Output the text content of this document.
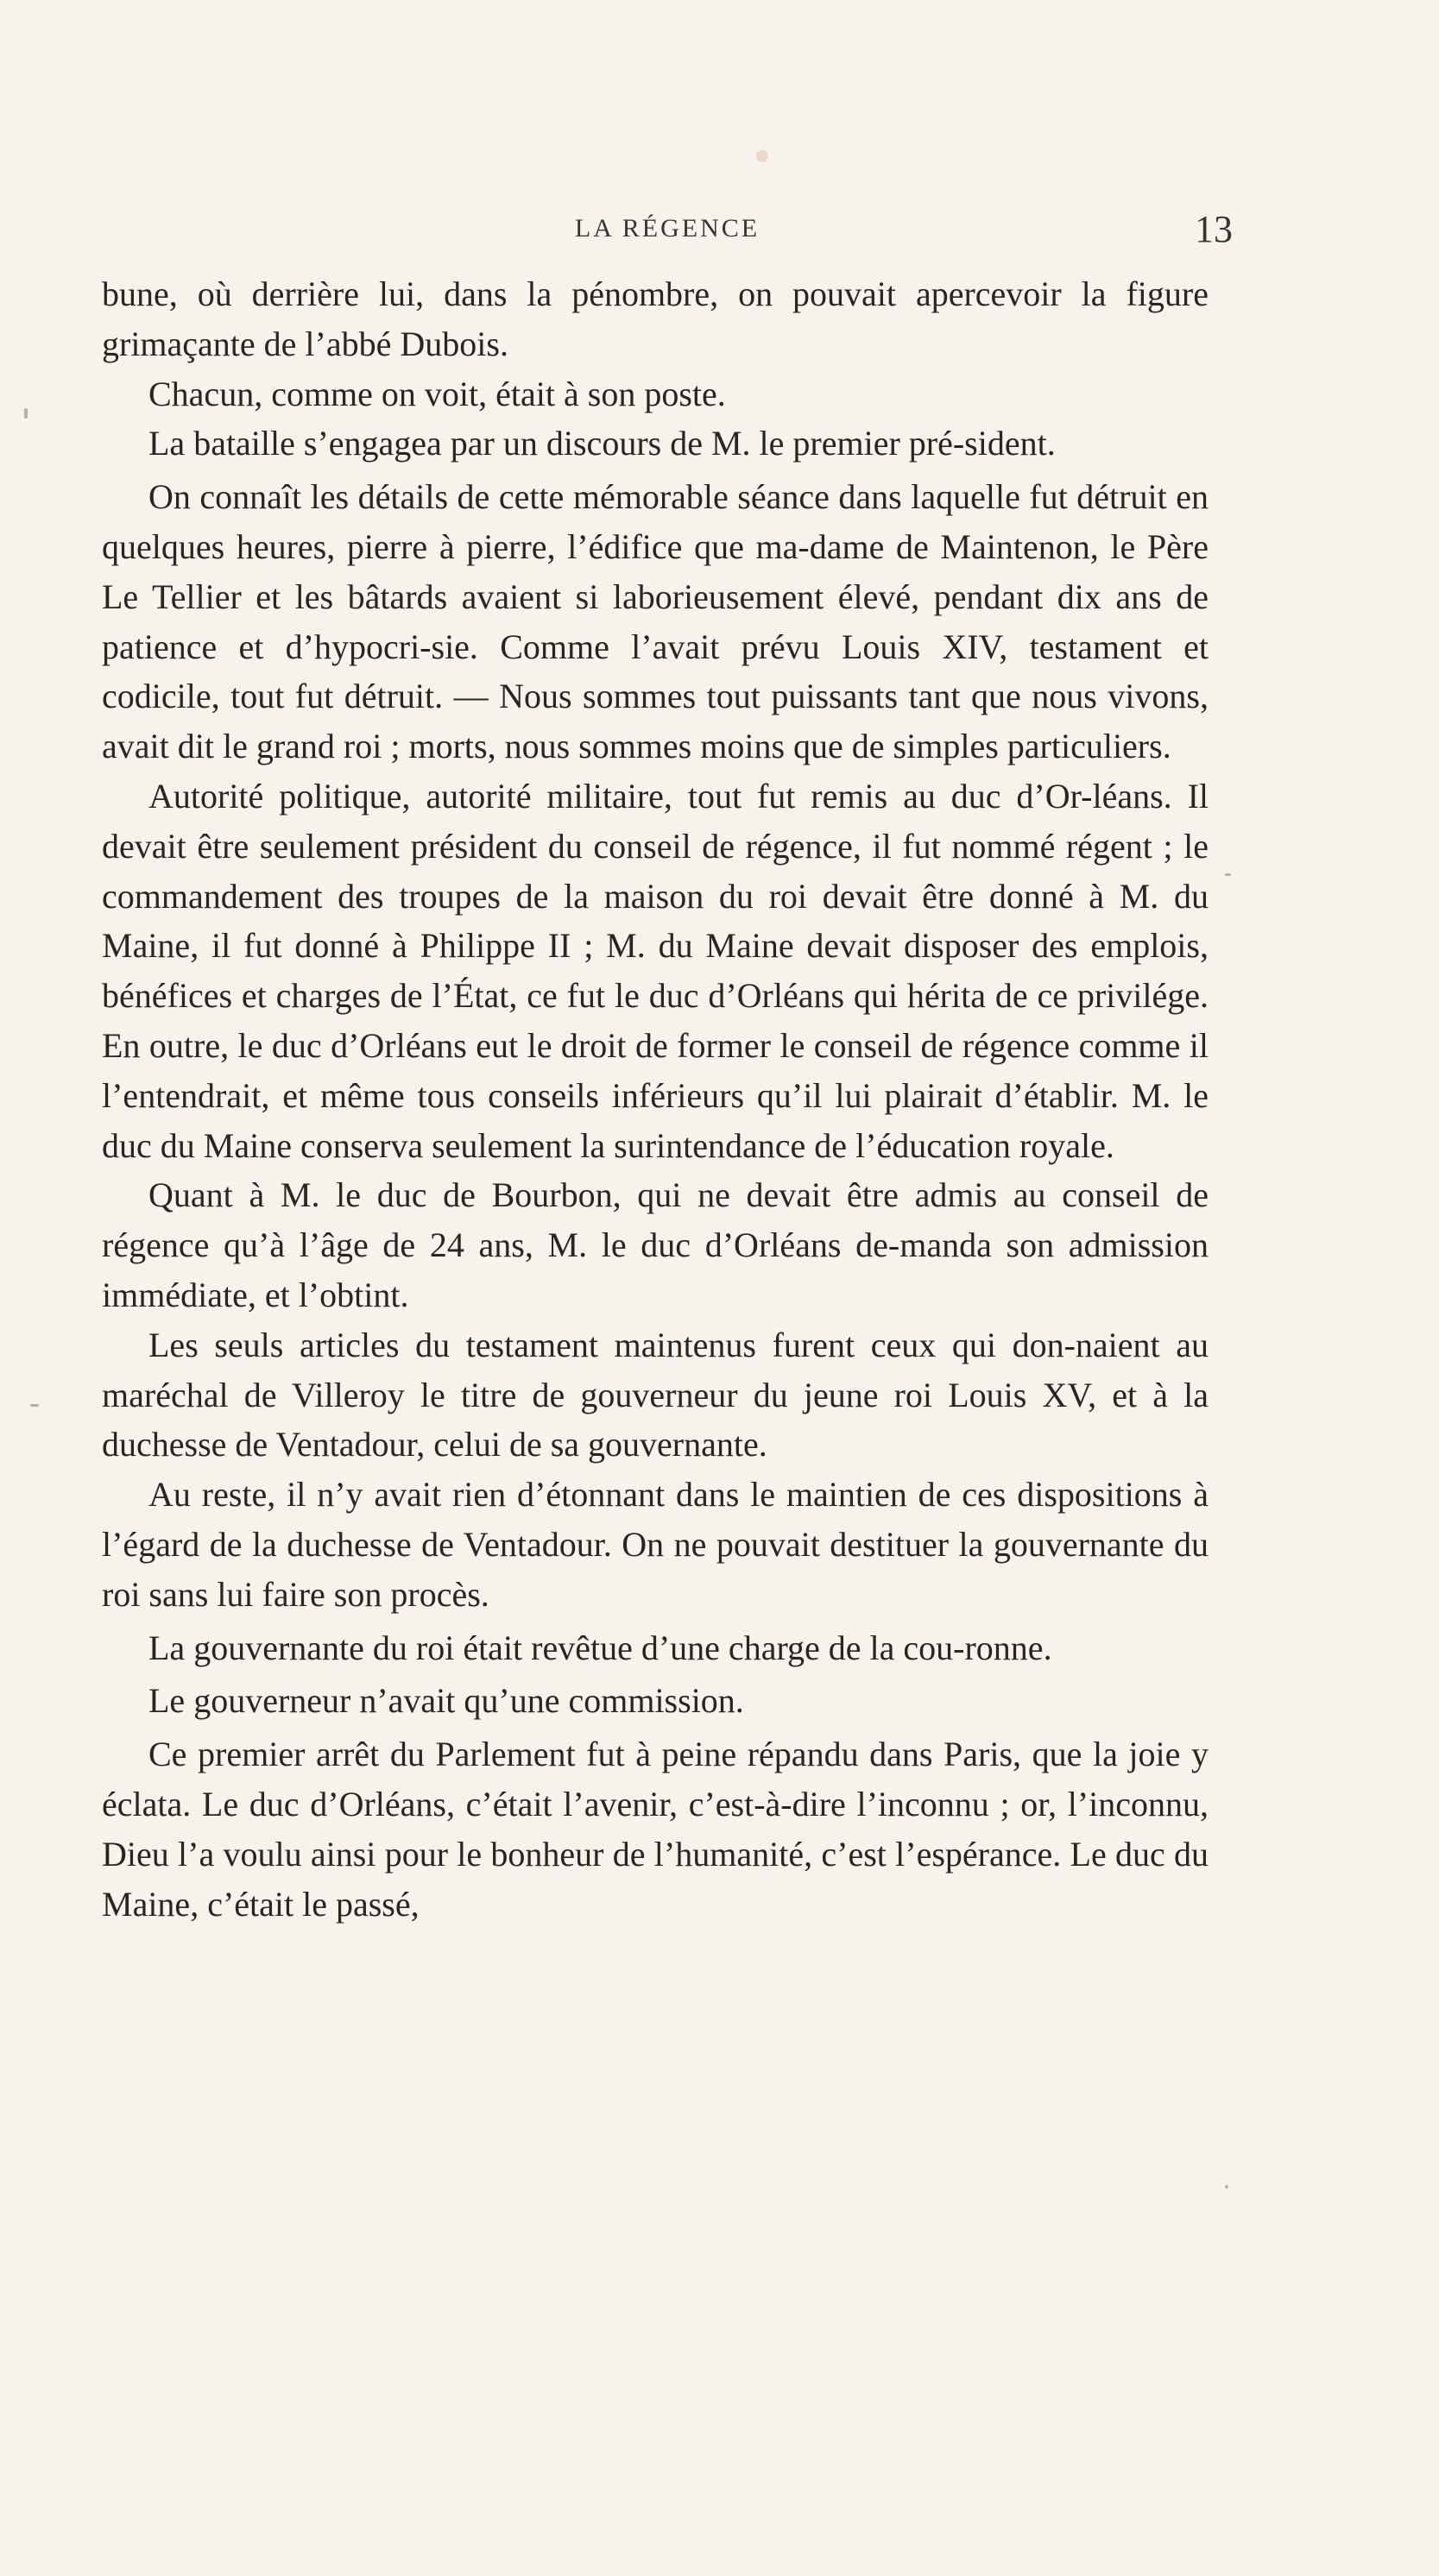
LA RÉGENCE	13

bune, où derrière lui, dans la pénombre, on pouvait apercevoir la figure grimaçante de l’abbé Dubois.

Chacun, comme on voit, était à son poste.

La bataille s’engagea par un discours de M. le premier pré-sident.

On connaît les détails de cette mémorable séance dans laquelle fut détruit en quelques heures, pierre à pierre, l’édifice que ma-dame de Maintenon, le Père Le Tellier et les bâtards avaient si laborieusement élevé, pendant dix ans de patience et d’hypocri-sie. Comme l’avait prévu Louis XIV, testament et codicile, tout fut détruit. — Nous sommes tout puissants tant que nous vivons, avait dit le grand roi ; morts, nous sommes moins que de simples particuliers.

Autorité politique, autorité militaire, tout fut remis au duc d’Or-léans. Il devait être seulement président du conseil de régence, il fut nommé régent ; le commandement des troupes de la maison du roi devait être donné à M. du Maine, il fut donné à Philippe II ; M. du Maine devait disposer des emplois, bénéfices et charges de l’État, ce fut le duc d’Orléans qui hérita de ce privilége. En outre, le duc d’Orléans eut le droit de former le conseil de régence comme il l’entendrait, et même tous conseils inférieurs qu’il lui plairait d’établir. M. le duc du Maine conserva seulement la surintendance de l’éducation royale.

Quant à M. le duc de Bourbon, qui ne devait être admis au conseil de régence qu’à l’âge de 24 ans, M. le duc d’Orléans de-manda son admission immédiate, et l’obtint.

Les seuls articles du testament maintenus furent ceux qui don-naient au maréchal de Villeroy le titre de gouverneur du jeune roi Louis XV, et à la duchesse de Ventadour, celui de sa gouvernante.

Au reste, il n’y avait rien d’étonnant dans le maintien de ces dispositions à l’égard de la duchesse de Ventadour. On ne pouvait destituer la gouvernante du roi sans lui faire son procès.

La gouvernante du roi était revêtue d’une charge de la cou-ronne.

Le gouverneur n’avait qu’une commission.

Ce premier arrêt du Parlement fut à peine répandu dans Paris, que la joie y éclata. Le duc d’Orléans, c’était l’avenir, c’est-à-dire l’inconnu ; or, l’inconnu, Dieu l’a voulu ainsi pour le bonheur de l’humanité, c’est l’espérance. Le duc du Maine, c’était le passé,
